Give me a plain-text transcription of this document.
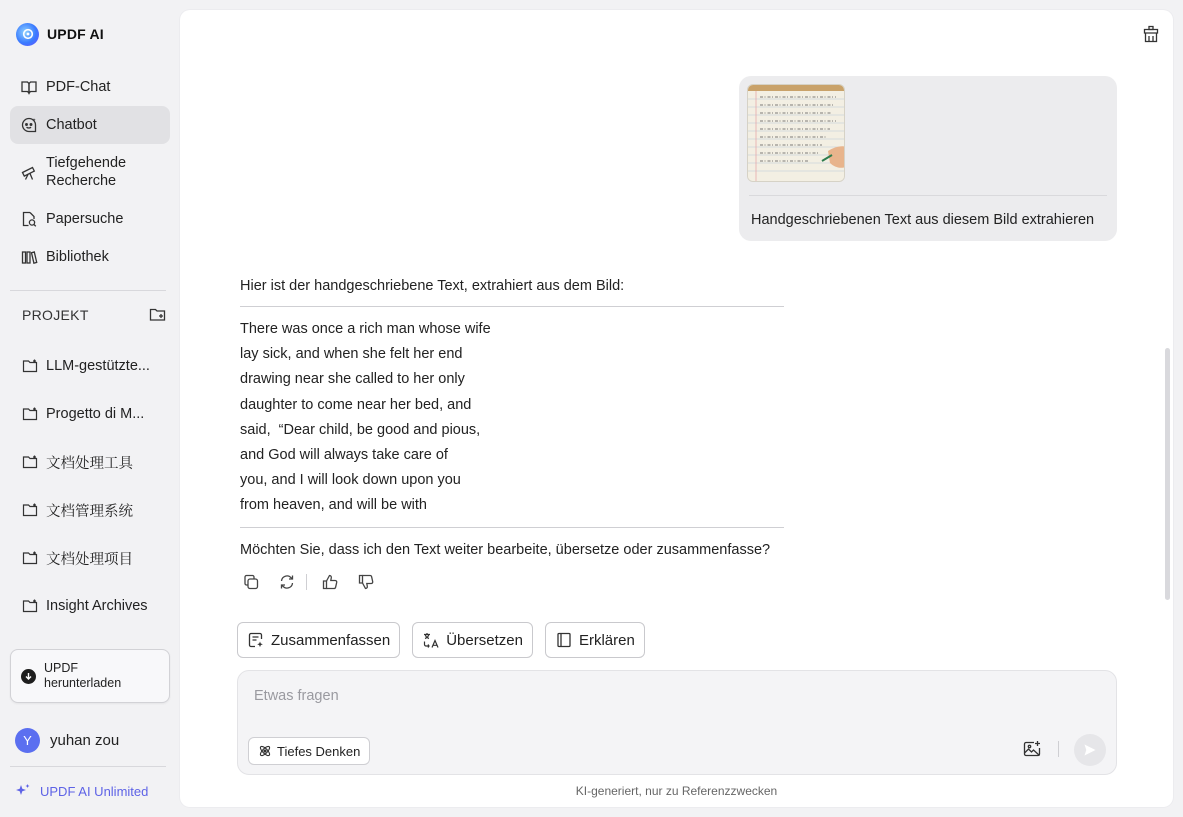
UPDF AI
PDF-Chat
Chatbot
Tiefgehende Recherche
Papersuche
Bibliothek
PROJEKT
LLM-gestützte...
Progetto di M...
文档处理工具
文档管理系统
文档处理项目
Insight Archives
UPDF herunterladen
Y	yuhan zou
UPDF AI Unlimited
Handgeschriebenen Text aus diesem Bild extrahieren
Hier ist der handgeschriebene Text, extrahiert aus dem Bild:
There was once a rich man whose wife
lay sick, and when she felt her end
drawing near she called to her only
daughter to come near her bed, and
said,  “Dear child, be good and pious,
and God will always take care of
you, and I will look down upon you
from heaven, and will be with
Möchten Sie, dass ich den Text weiter bearbeite, übersetze oder zusammenfasse?
Zusammenfassen	Übersetzen	Erklären
Etwas fragen
Tiefes Denken
KI-generiert, nur zu Referenzzwecken
